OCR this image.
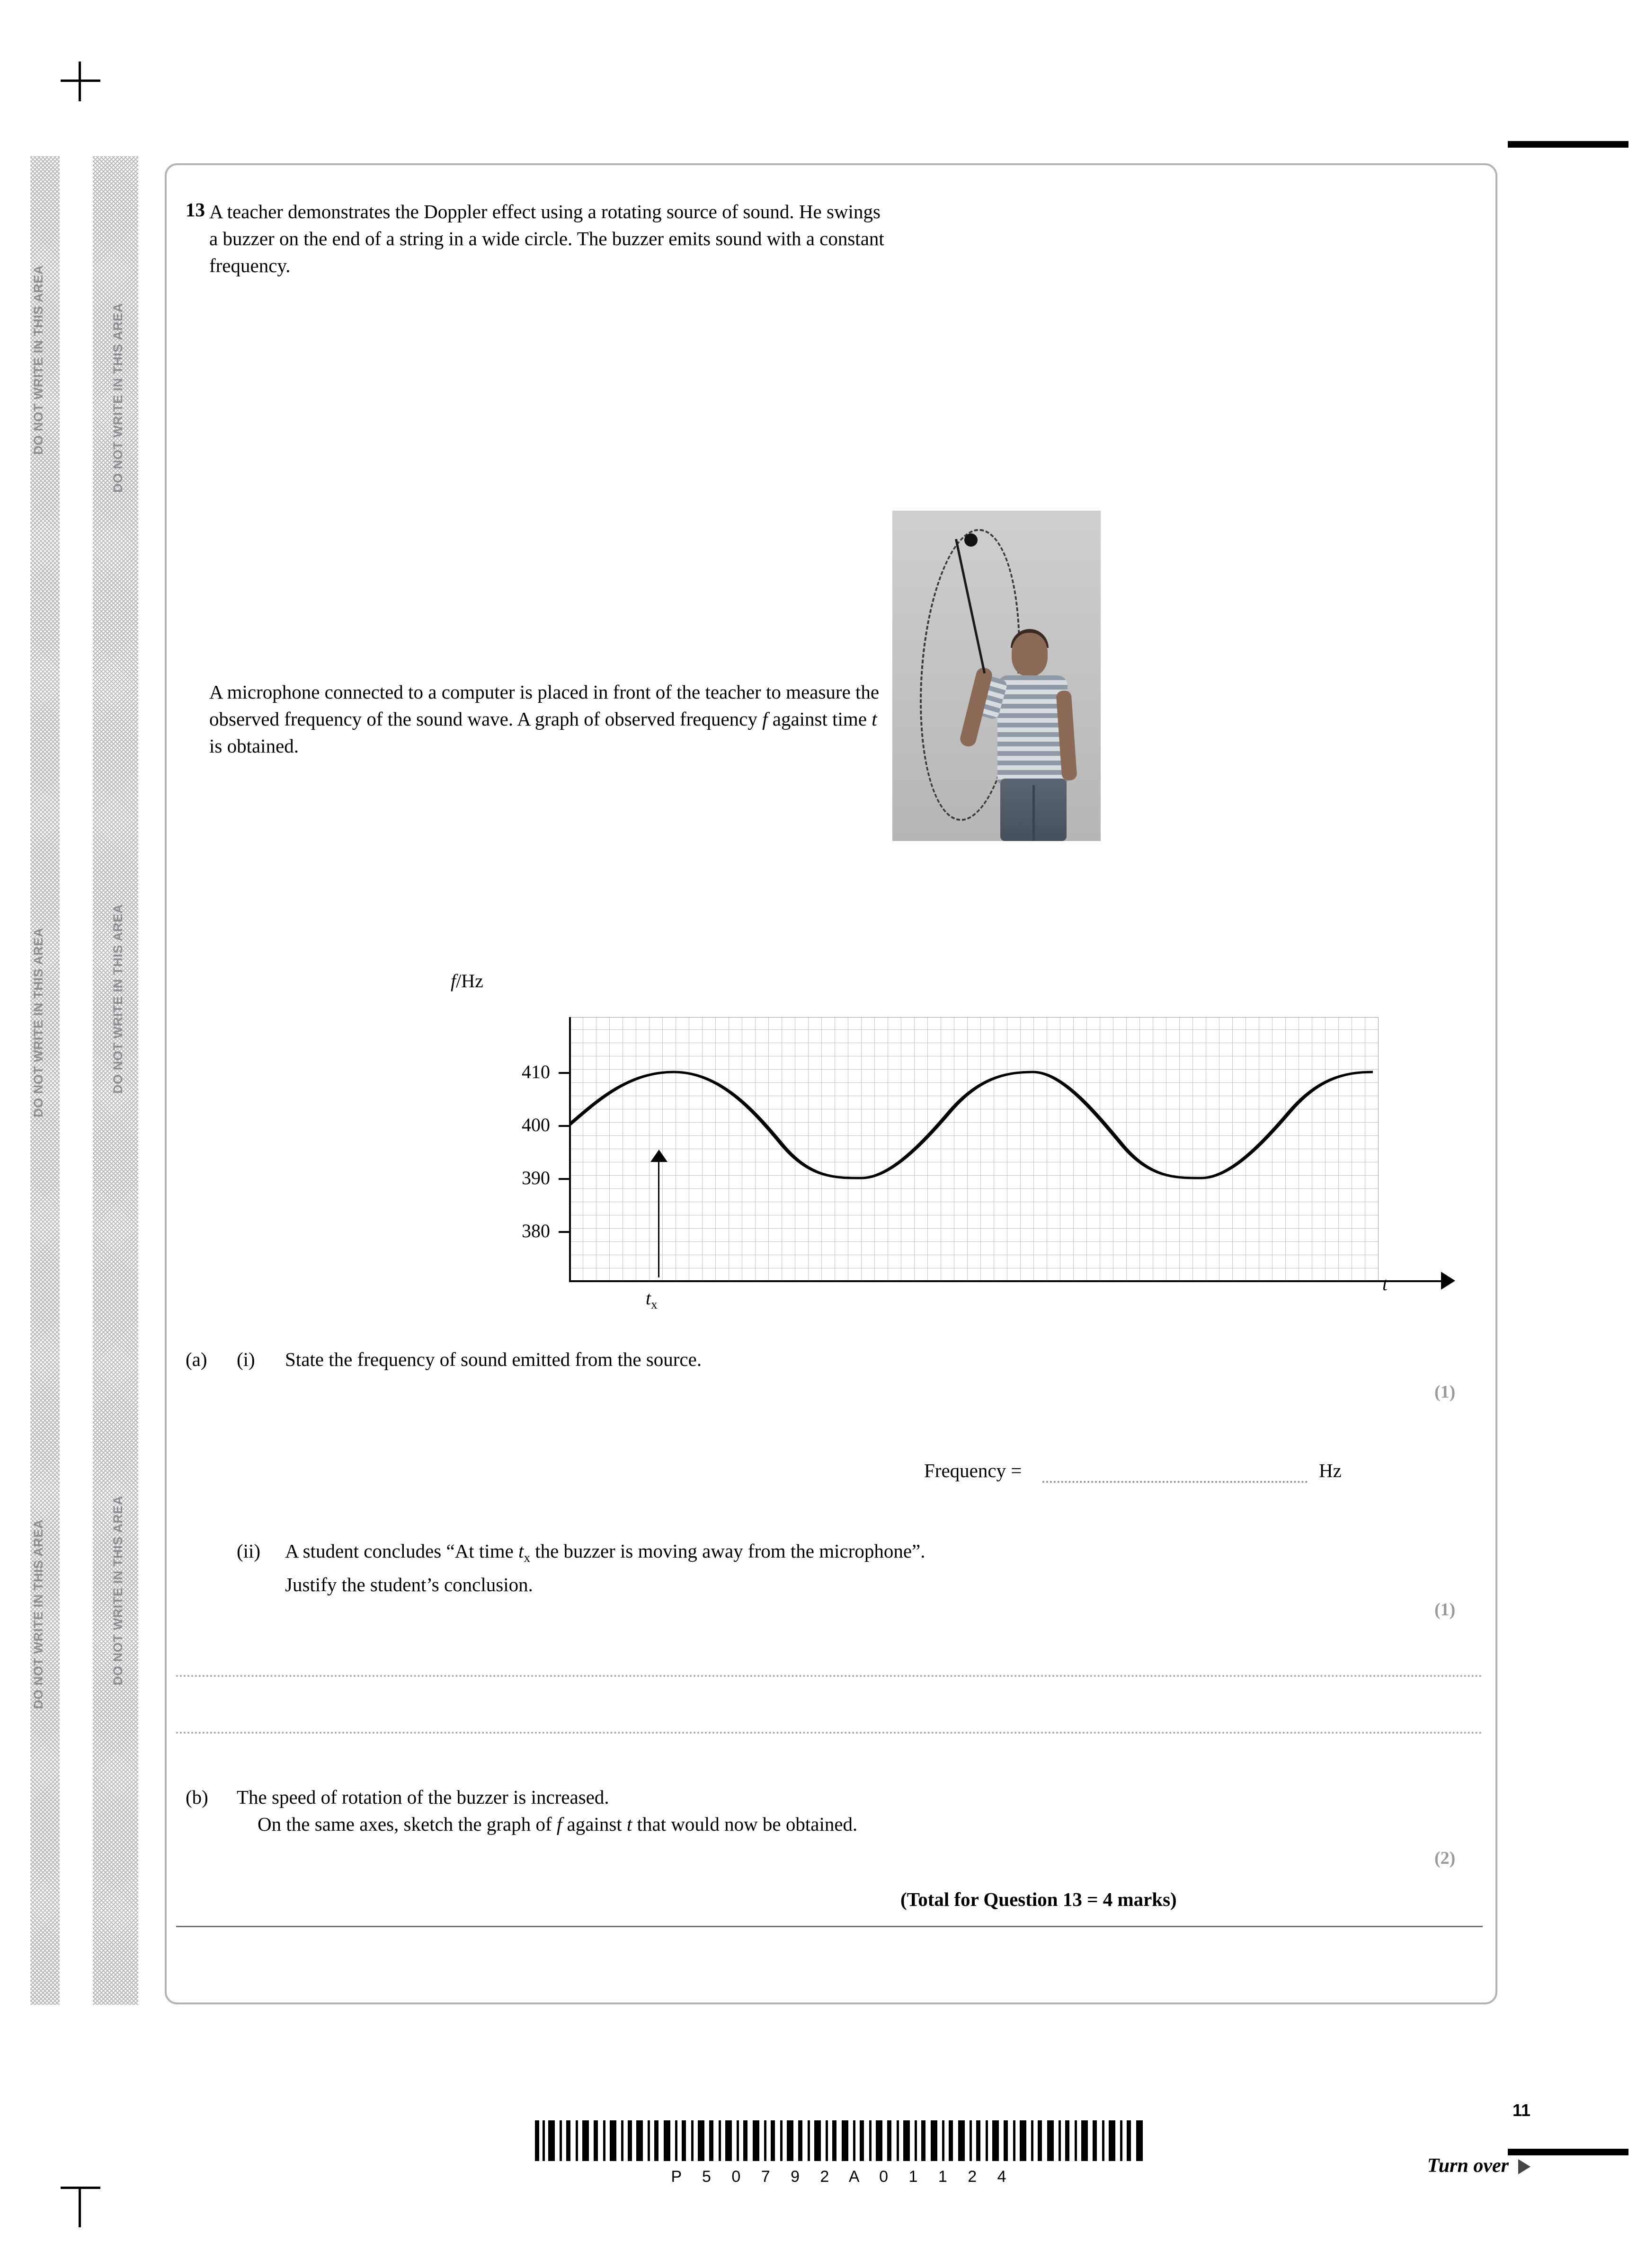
DO NOT WRITE IN THIS AREA
DO NOT WRITE IN THIS AREA
DO NOT WRITE IN THIS AREA
DO NOT WRITE IN THIS AREA
DO NOT WRITE IN THIS AREA
DO NOT WRITE IN THIS AREA
13 A teacher demonstrates the Doppler effect using a rotating source of sound. He swings
a buzzer on the end of a string in a wide circle. The buzzer emits sound with a constant
frequency.
A microphone connected to a computer is placed in front of the teacher to measure the
observed frequency of the sound wave. A graph of observed frequency f against time t
is obtained.
f/Hz
410
400
390
380
$t_x$
t
(a) (i) State the frequency of sound emitted from the source.
(1)
Frequency =	Hz
(ii) A student concludes “At time $t_x$ the buzzer is moving away from the microphone”.
Justify the student’s conclusion.
(1)
(b) The speed of rotation of the buzzer is increased.
On the same axes, sketch the graph of f against t that would now be obtained.
(2)
(Total for Question 13 = 4 marks)
P 5 0 7 9 2 A 0 1 1 2 4
11
Turn over
